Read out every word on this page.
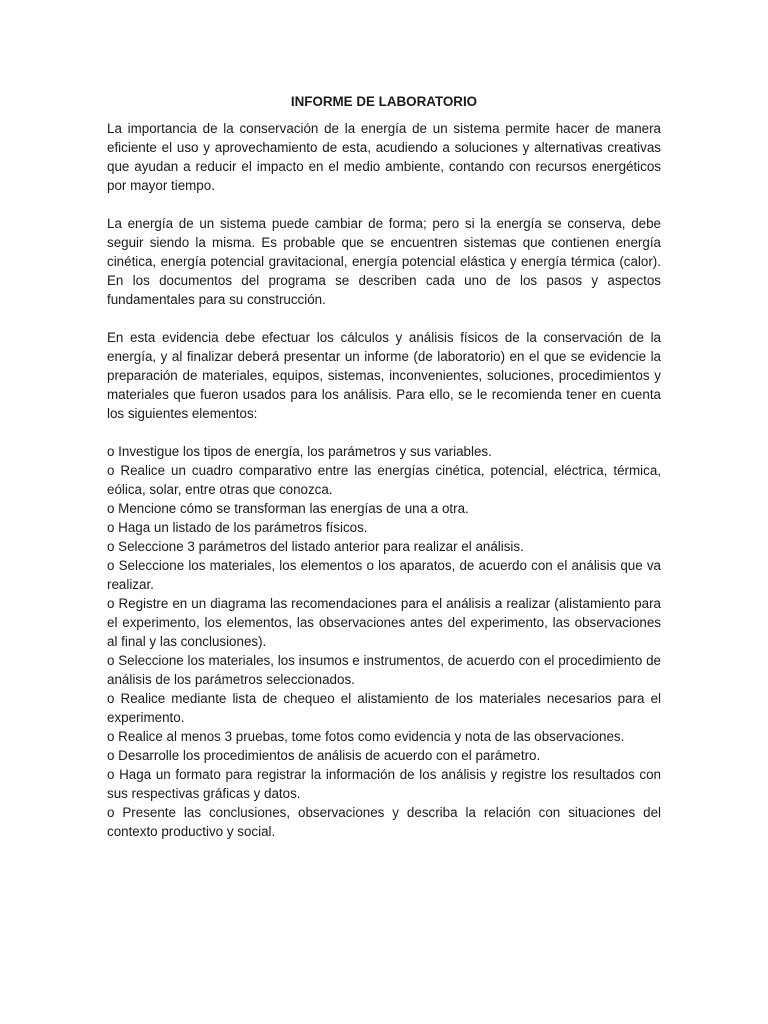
INFORME DE LABORATORIO

La importancia de la conservación de la energía de un sistema permite hacer de manera eficiente el uso y aprovechamiento de esta, acudiendo a soluciones y alternativas creativas que ayudan a reducir el impacto en el medio ambiente, contando con recursos energéticos por mayor tiempo.

La energía de un sistema puede cambiar de forma; pero si la energía se conserva, debe seguir siendo la misma. Es probable que se encuentren sistemas que contienen energía cinética, energía potencial gravitacional, energía potencial elástica y energía térmica (calor). En los documentos del programa se describen cada uno de los pasos y aspectos fundamentales para su construcción.

En esta evidencia debe efectuar los cálculos y análisis físicos de la conservación de la energía, y al finalizar deberá presentar un informe (de laboratorio) en el que se evidencie la preparación de materiales, equipos, sistemas, inconvenientes, soluciones, procedimientos y materiales que fueron usados para los análisis. Para ello, se le recomienda tener en cuenta los siguientes elementos:

o Investigue los tipos de energía, los parámetros y sus variables.
o Realice un cuadro comparativo entre las energías cinética, potencial, eléctrica, térmica, eólica, solar, entre otras que conozca.
o Mencione cómo se transforman las energías de una a otra.
o Haga un listado de los parámetros físicos.
o Seleccione 3 parámetros del listado anterior para realizar el análisis.
o Seleccione los materiales, los elementos o los aparatos, de acuerdo con el análisis que va realizar.
o Registre en un diagrama las recomendaciones para el análisis a realizar (alistamiento para el experimento, los elementos, las observaciones antes del experimento, las observaciones al final y las conclusiones).
o Seleccione los materiales, los insumos e instrumentos, de acuerdo con el procedimiento de análisis de los parámetros seleccionados.
o Realice mediante lista de chequeo el alistamiento de los materiales necesarios para el experimento.
o Realice al menos 3 pruebas, tome fotos como evidencia y nota de las observaciones.
o Desarrolle los procedimientos de análisis de acuerdo con el parámetro.
o Haga un formato para registrar la información de los análisis y registre los resultados con sus respectivas gráficas y datos.
o Presente las conclusiones, observaciones y describa la relación con situaciones del contexto productivo y social.
